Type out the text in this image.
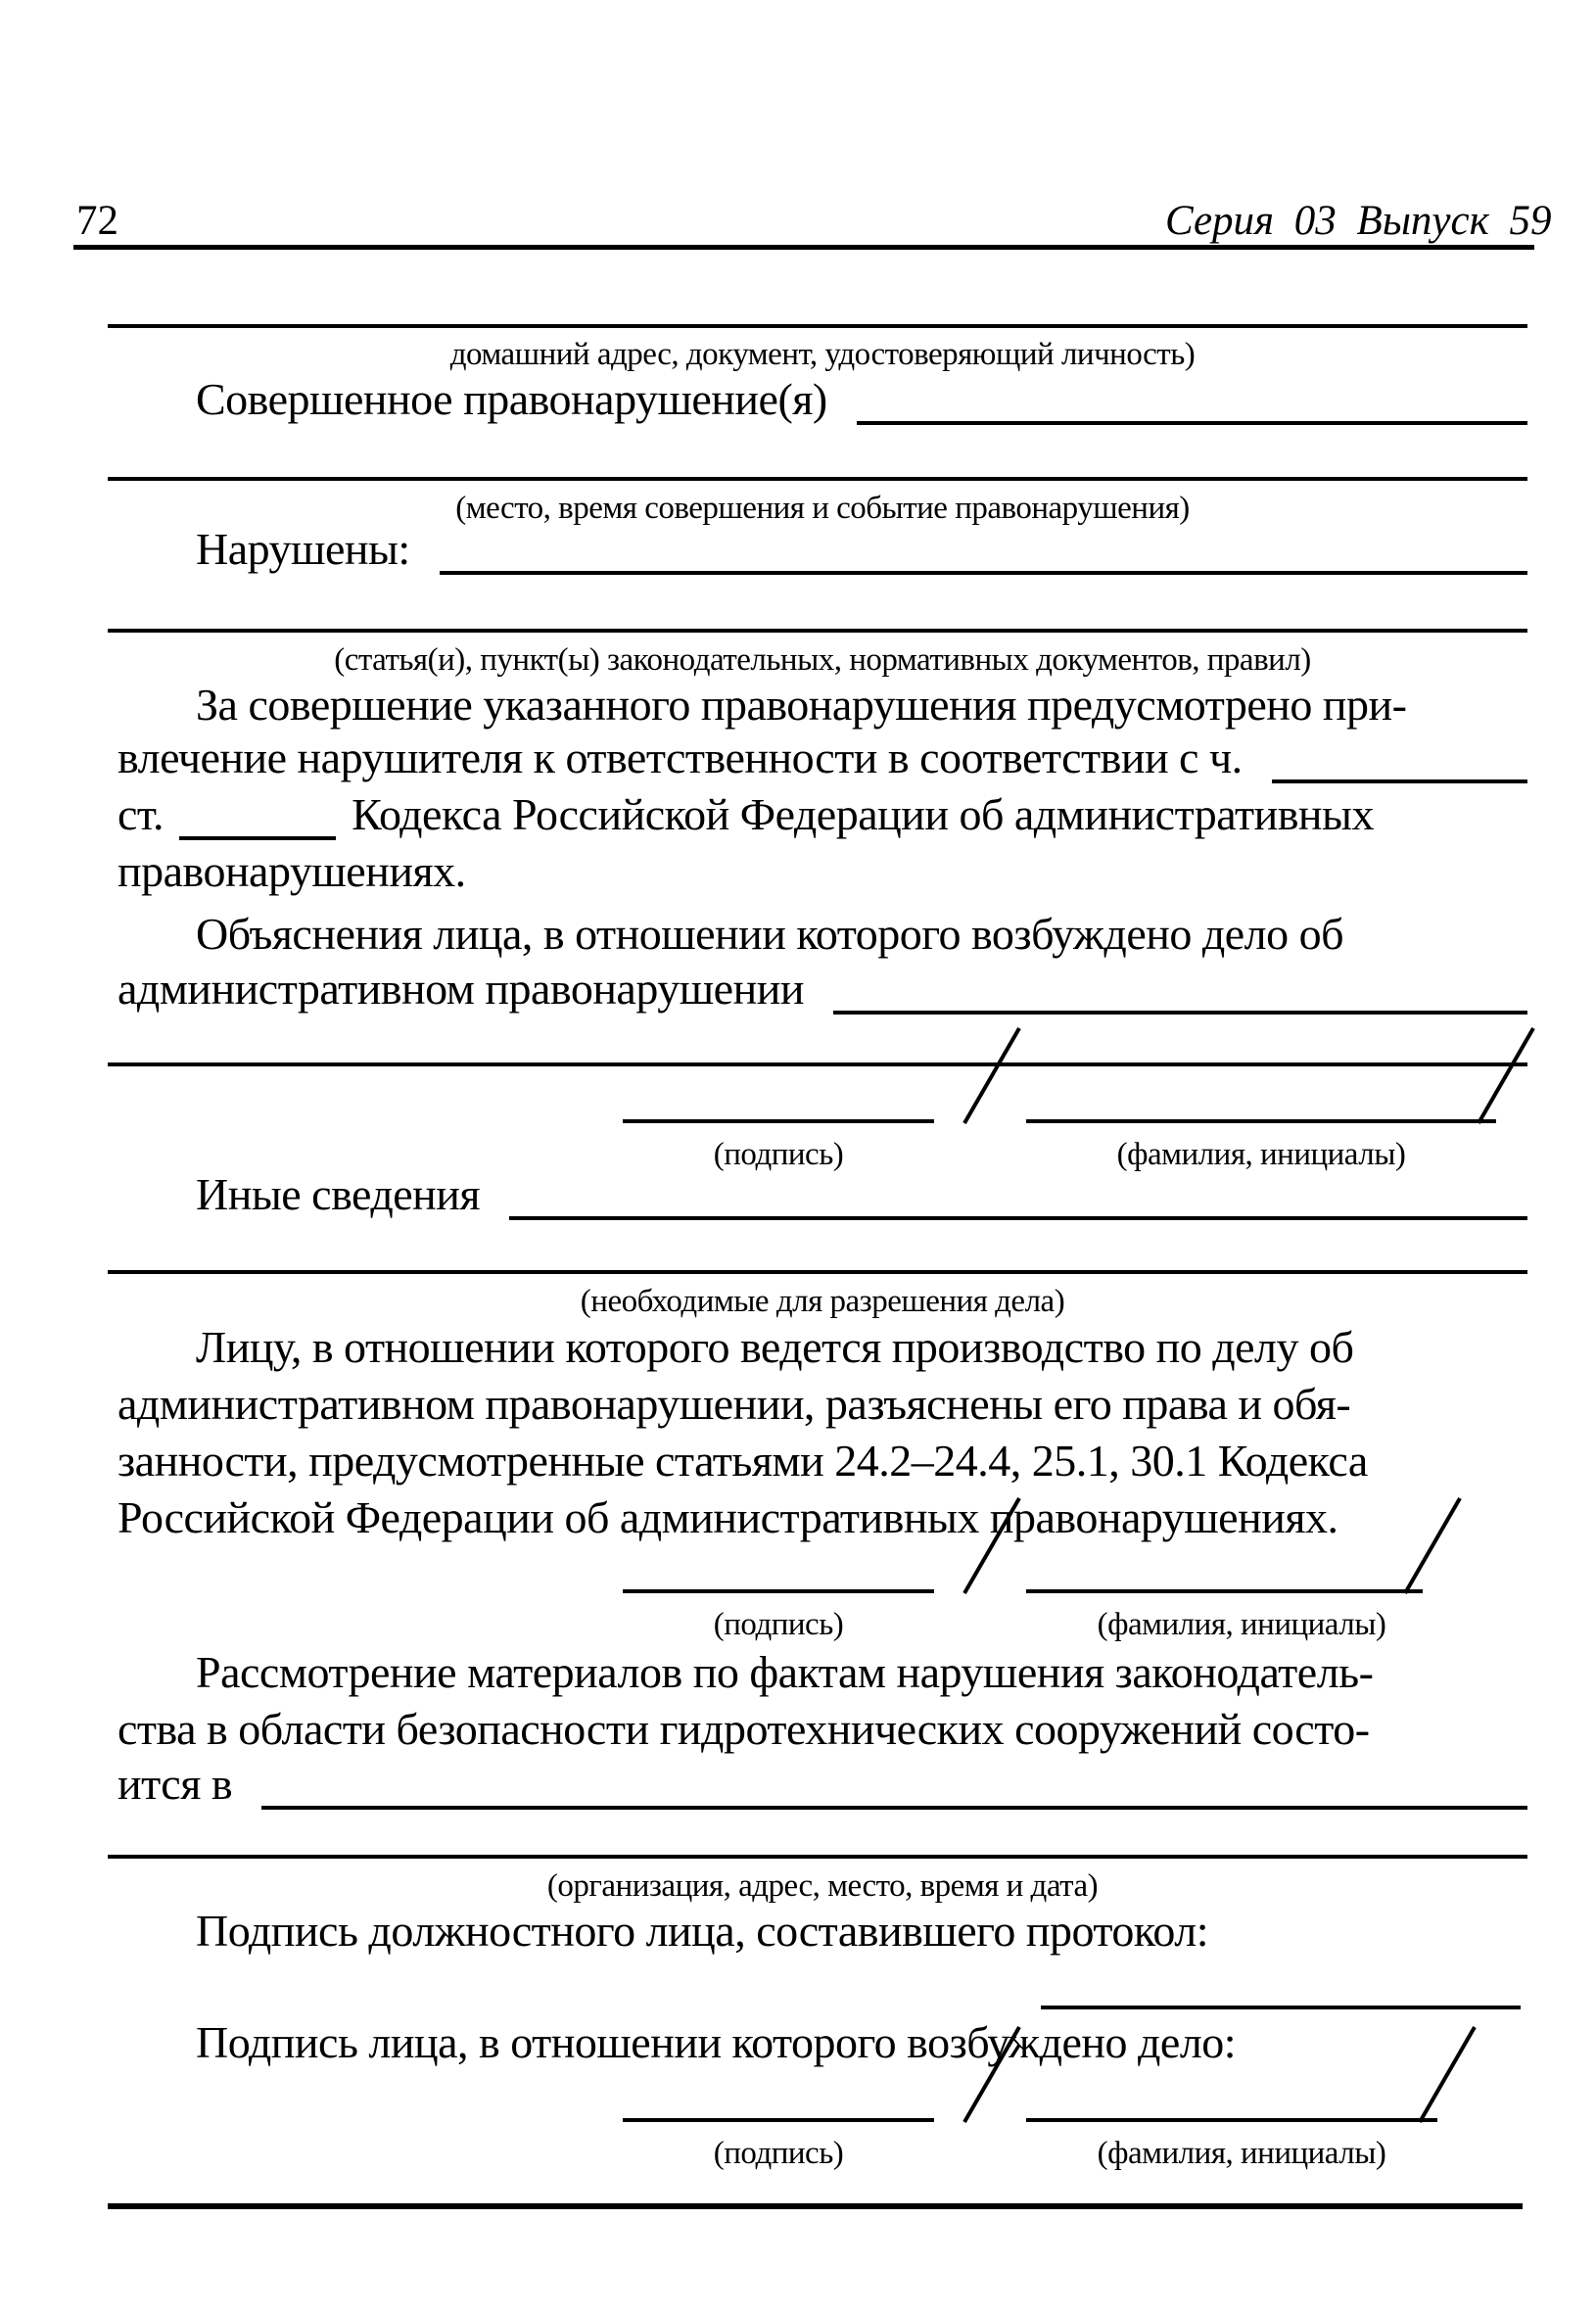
72	Серия 03 Выпуск 59
домашний адрес, документ, удостоверяющий личность)
Совершенное правонарушение(я)
(место, время совершения и событие правонарушения)
Нарушены:
(статья(и), пункт(ы) законодательных, нормативных документов, правил)
За совершение указанного правонарушения предусмотрено при-
влечение нарушителя к ответственности в соответствии с ч.
ст.	Кодекса Российской Федерации об административных
правонарушениях.
Объяснения лица, в отношении которого возбуждено дело об
административном правонарушении
(подпись)	(фамилия, инициалы)
Иные сведения
(необходимые для разрешения дела)
Лицу, в отношении которого ведется производство по делу об
административном правонарушении, разъяснены его права и обя-
занности, предусмотренные статьями 24.2–24.4, 25.1, 30.1 Кодекса
Российской Федерации об административных правонарушениях.
(подпись)	(фамилия, инициалы)
Рассмотрение материалов по фактам нарушения законодатель-
ства в области безопасности гидротехнических сооружений состо-
ится в
(организация, адрес, место, время и дата)
Подпись должностного лица, составившего протокол:
Подпись лица, в отношении которого возбуждено дело:
(подпись)	(фамилия, инициалы)
